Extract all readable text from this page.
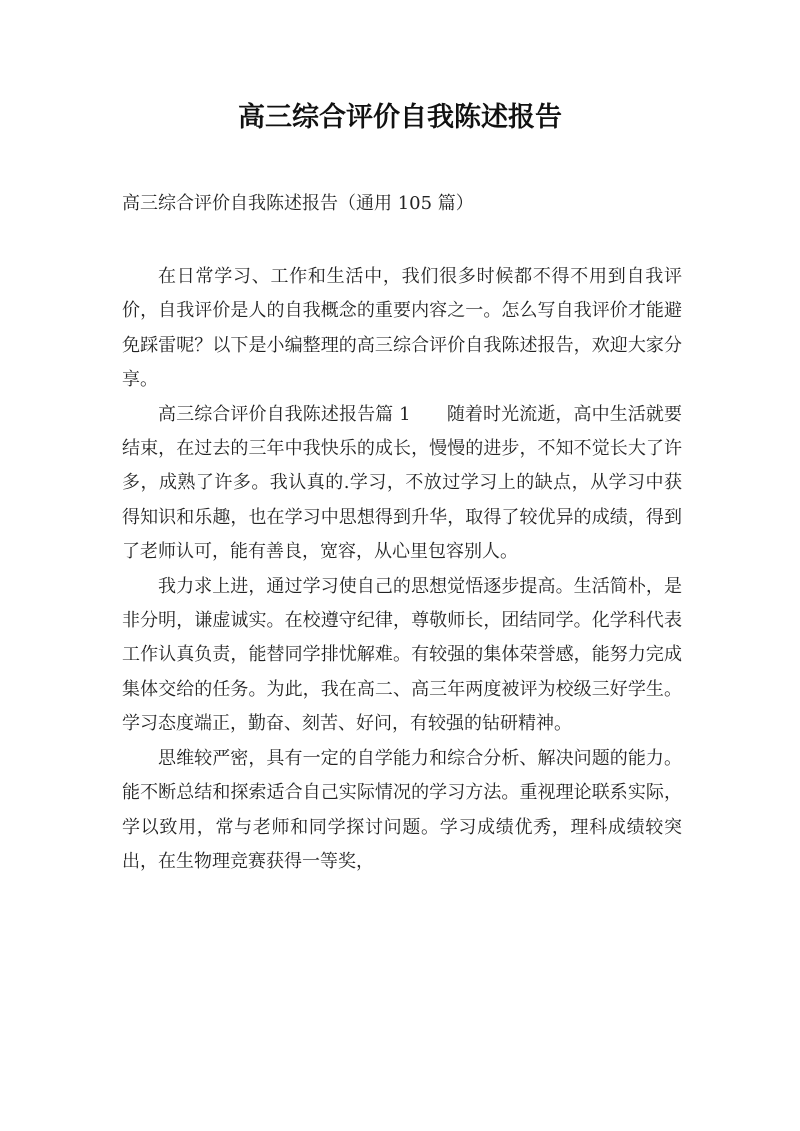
高三综合评价自我陈述报告
高三综合评价自我陈述报告（通用 105 篇）

在日常学习、工作和生活中，我们很多时候都不得不用到自我评价，自我评价是人的自我概念的重要内容之一。怎么写自我评价才能避免踩雷呢？以下是小编整理的高三综合评价自我陈述报告，欢迎大家分享。

高三综合评价自我陈述报告篇 1　　随着时光流逝，高中生活就要结束，在过去的三年中我快乐的成长，慢慢的进步，不知不觉长大了许多，成熟了许多。我认真的.学习，不放过学习上的缺点，从学习中获得知识和乐趣，也在学习中思想得到升华，取得了较优异的成绩，得到了老师认可，能有善良，宽容，从心里包容别人。

我力求上进，通过学习使自己的思想觉悟逐步提高。生活简朴，是非分明，谦虚诚实。在校遵守纪律，尊敬师长，团结同学。化学科代表工作认真负责，能替同学排忧解难。有较强的集体荣誉感，能努力完成集体交给的任务。为此，我在高二、高三年两度被评为校级三好学生。学习态度端正，勤奋、刻苦、好问，有较强的钻研精神。

思维较严密，具有一定的自学能力和综合分析、解决问题的能力。能不断总结和探索适合自己实际情况的学习方法。重视理论联系实际，学以致用，常与老师和同学探讨问题。学习成绩优秀，理科成绩较突出，在生物理竞赛获得一等奖，
